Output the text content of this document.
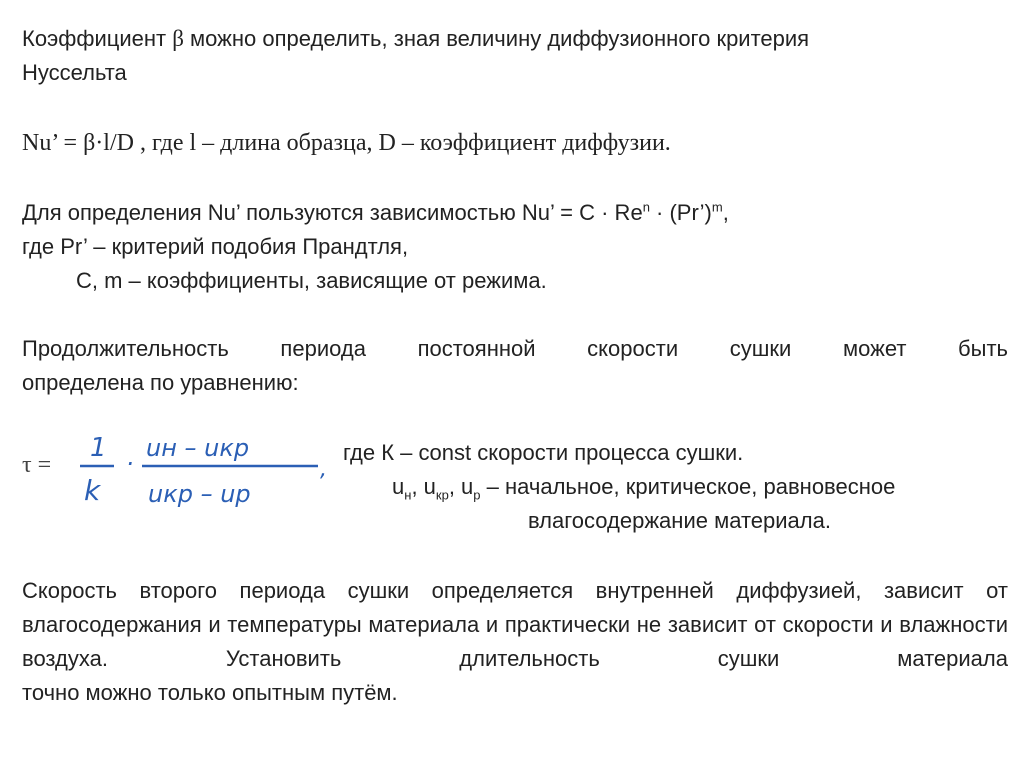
Коэффициент β можно определить, зная величину диффузионного критерия
Нуссельта
Nu’ = β·l/D , где l – длина образца, D – коэффициент диффузии.
Для определения Nu’ пользуются зависимостью Nu’ = $C \cdot Re^n$ · (Pr’)$^m$,
где Pr’ – критерий подобия Прандтля,
C, m – коэффициенты, зависящие от режима.
Продолжительность периода постоянной скорости сушки может быть
определена по уравнению:
τ =
1
k
·
uн – uкр
uкр – uр
,
где К – const скорости процесса сушки.
$u_н$, $u_{кр}$, $u_р$ – начальное, критическое, равновесное
влагосодержание материала.
Скорость второго периода сушки определяется внутренней диффузией, зависит от влагосодержания и температуры материала и практически не зависит от скорости и влажности воздуха. Установить длительность сушки материала
точно можно только опытным путём.
